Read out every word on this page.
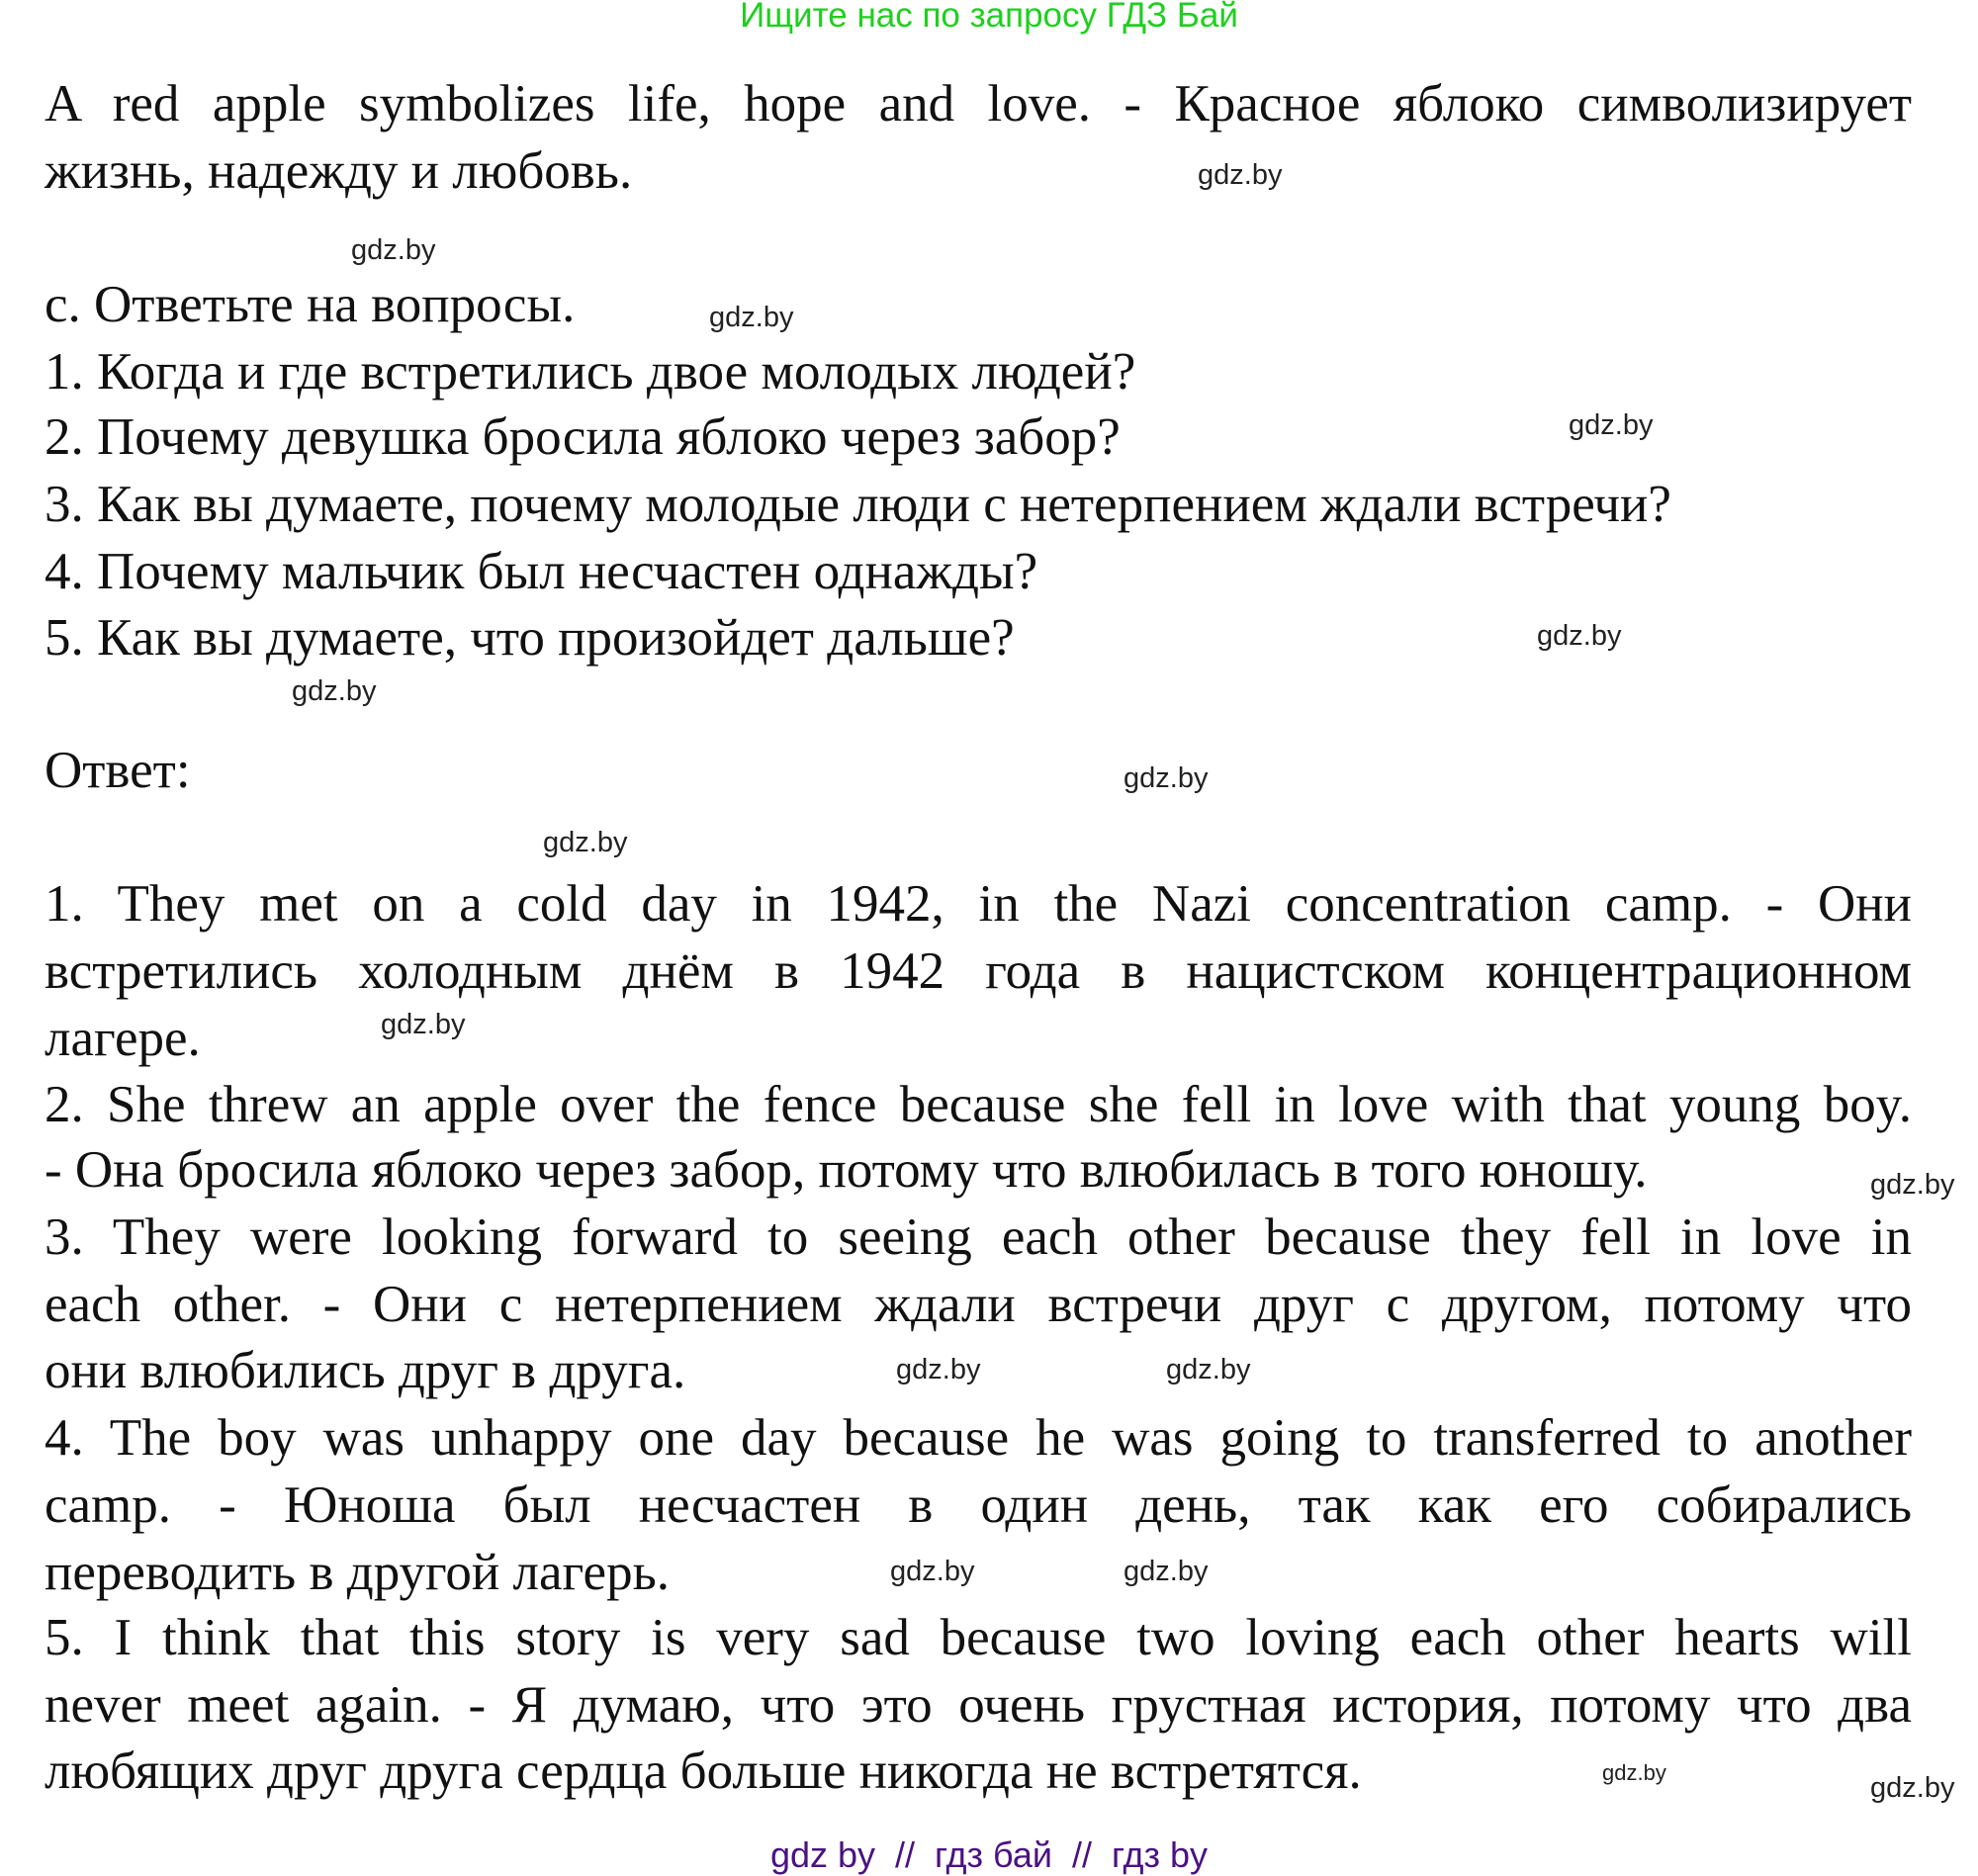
Ищите нас по запросу ГДЗ Бай
A red apple symbolizes life, hope and love. - Красное яблоко символизирует
жизнь, надежду и любовь.
c. Ответьте на вопросы.
1. Когда и где встретились двое молодых людей?
2. Почему девушка бросила яблоко через забор?
3. Как вы думаете, почему молодые люди с нетерпением ждали встречи?
4. Почему мальчик был несчастен однажды?
5. Как вы думаете, что произойдет дальше?
Ответ:
1. They met on a cold day in 1942, in the Nazi concentration camp. - Они
встретились холодным днём в 1942 года в нацистском концентрационном
лагере.
2. She threw an apple over the fence because she fell in love with that young boy.
- Она бросила яблоко через забор, потому что влюбилась в того юношу.
3. They were looking forward to seeing each other because they fell in love in
each other. - Они с нетерпением ждали встречи друг с другом, потому что
они влюбились друг в друга.
4. The boy was unhappy one day because he was going to transferred to another
camp. - Юноша был несчастен в один день, так как его собирались
переводить в другой лагерь.
5. I think that this story is very sad because two loving each other hearts will
never meet again. - Я думаю, что это очень грустная история, потому что два
любящих друг друга сердца больше никогда не встретятся.
gdz.by
gdz.by
gdz.by
gdz.by
gdz.by
gdz.by
gdz.by
gdz.by
gdz.by
gdz.by
gdz.by	gdz.by
gdz.by	gdz.by
gdz.by	gdz.by
gdz by  //  гдз бай  //  гдз by
